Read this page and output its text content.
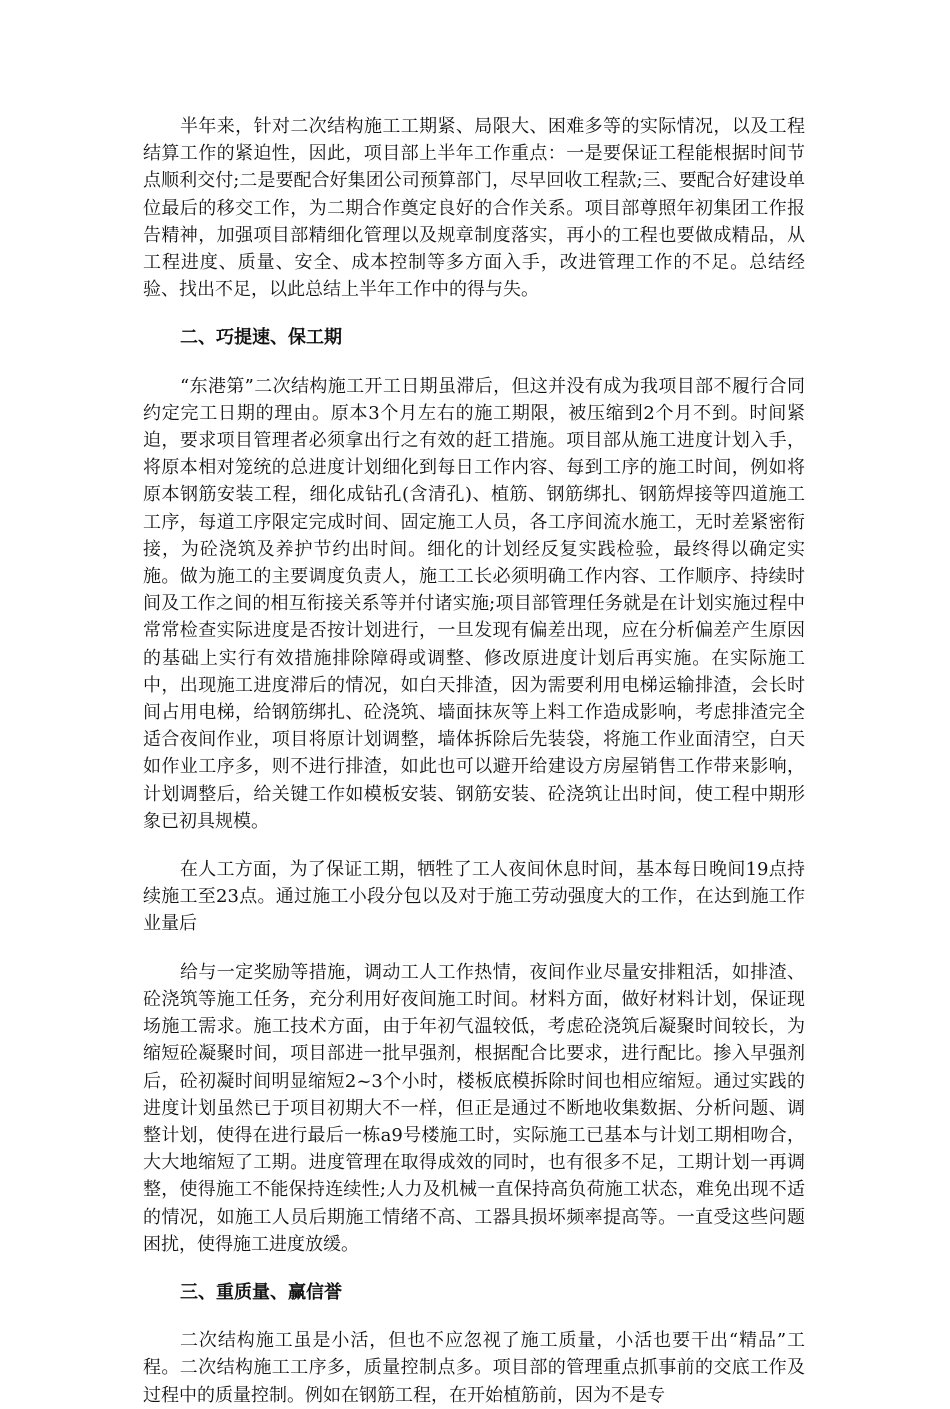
半年来，针对二次结构施工工期紧、局限大、困难多等的实际情况，以及工程结算工作的紧迫性，因此，项目部上半年工作重点：一是要保证工程能根据时间节点顺利交付;二是要配合好集团公司预算部门，尽早回收工程款;三、要配合好建设单位最后的移交工作，为二期合作奠定良好的合作关系。项目部尊照年初集团工作报告精神，加强项目部精细化管理以及规章制度落实，再小的工程也要做成精品，从工程进度、质量、安全、成本控制等多方面入手，改进管理工作的不足。总结经验、找出不足，以此总结上半年工作中的得与失。

二、巧提速、保工期

“东港第”二次结构施工开工日期虽滞后，但这并没有成为我项目部不履行合同约定完工日期的理由。原本3个月左右的施工期限，被压缩到2个月不到。时间紧迫，要求项目管理者必须拿出行之有效的赶工措施。项目部从施工进度计划入手，将原本相对笼统的总进度计划细化到每日工作内容、每到工序的施工时间，例如将原本钢筋安装工程，细化成钻孔(含清孔)、植筋、钢筋绑扎、钢筋焊接等四道施工工序，每道工序限定完成时间、固定施工人员，各工序间流水施工，无时差紧密衔接，为砼浇筑及养护节约出时间。细化的计划经反复实践检验，最终得以确定实施。做为施工的主要调度负责人，施工工长必须明确工作内容、工作顺序、持续时间及工作之间的相互衔接关系等并付诸实施;项目部管理任务就是在计划实施过程中常常检查实际进度是否按计划进行，一旦发现有偏差出现，应在分析偏差产生原因的基础上实行有效措施排除障碍或调整、修改原进度计划后再实施。在实际施工中，出现施工进度滞后的情况，如白天排渣，因为需要利用电梯运输排渣，会长时间占用电梯，给钢筋绑扎、砼浇筑、墙面抹灰等上料工作造成影响，考虑排渣完全适合夜间作业，项目将原计划调整，墙体拆除后先装袋，将施工作业面清空，白天如作业工序多，则不进行排渣，如此也可以避开给建设方房屋销售工作带来影响，计划调整后，给关键工作如模板安装、钢筋安装、砼浇筑让出时间，使工程中期形象已初具规模。

在人工方面，为了保证工期，牺牲了工人夜间休息时间，基本每日晚间19点持续施工至23点。通过施工小段分包以及对于施工劳动强度大的工作，在达到施工作业量后

给与一定奖励等措施，调动工人工作热情，夜间作业尽量安排粗活，如排渣、砼浇筑等施工任务，充分利用好夜间施工时间。材料方面，做好材料计划，保证现场施工需求。施工技术方面，由于年初气温较低，考虑砼浇筑后凝聚时间较长，为缩短砼凝聚时间，项目部进一批早强剂，根据配合比要求，进行配比。掺入早强剂后，砼初凝时间明显缩短2~3个小时，楼板底模拆除时间也相应缩短。通过实践的进度计划虽然已于项目初期大不一样，但正是通过不断地收集数据、分析问题、调整计划，使得在进行最后一栋a9号楼施工时，实际施工已基本与计划工期相吻合，大大地缩短了工期。进度管理在取得成效的同时，也有很多不足，工期计划一再调整，使得施工不能保持连续性;人力及机械一直保持高负荷施工状态，难免出现不适的情况，如施工人员后期施工情绪不高、工器具损坏频率提高等。一直受这些问题困扰，使得施工进度放缓。

三、重质量、赢信誉

二次结构施工虽是小活，但也不应忽视了施工质量，小活也要干出“精品”工程。二次结构施工工序多，质量控制点多。项目部的管理重点抓事前的交底工作及过程中的质量控制。例如在钢筋工程，在开始植筋前，因为不是专
